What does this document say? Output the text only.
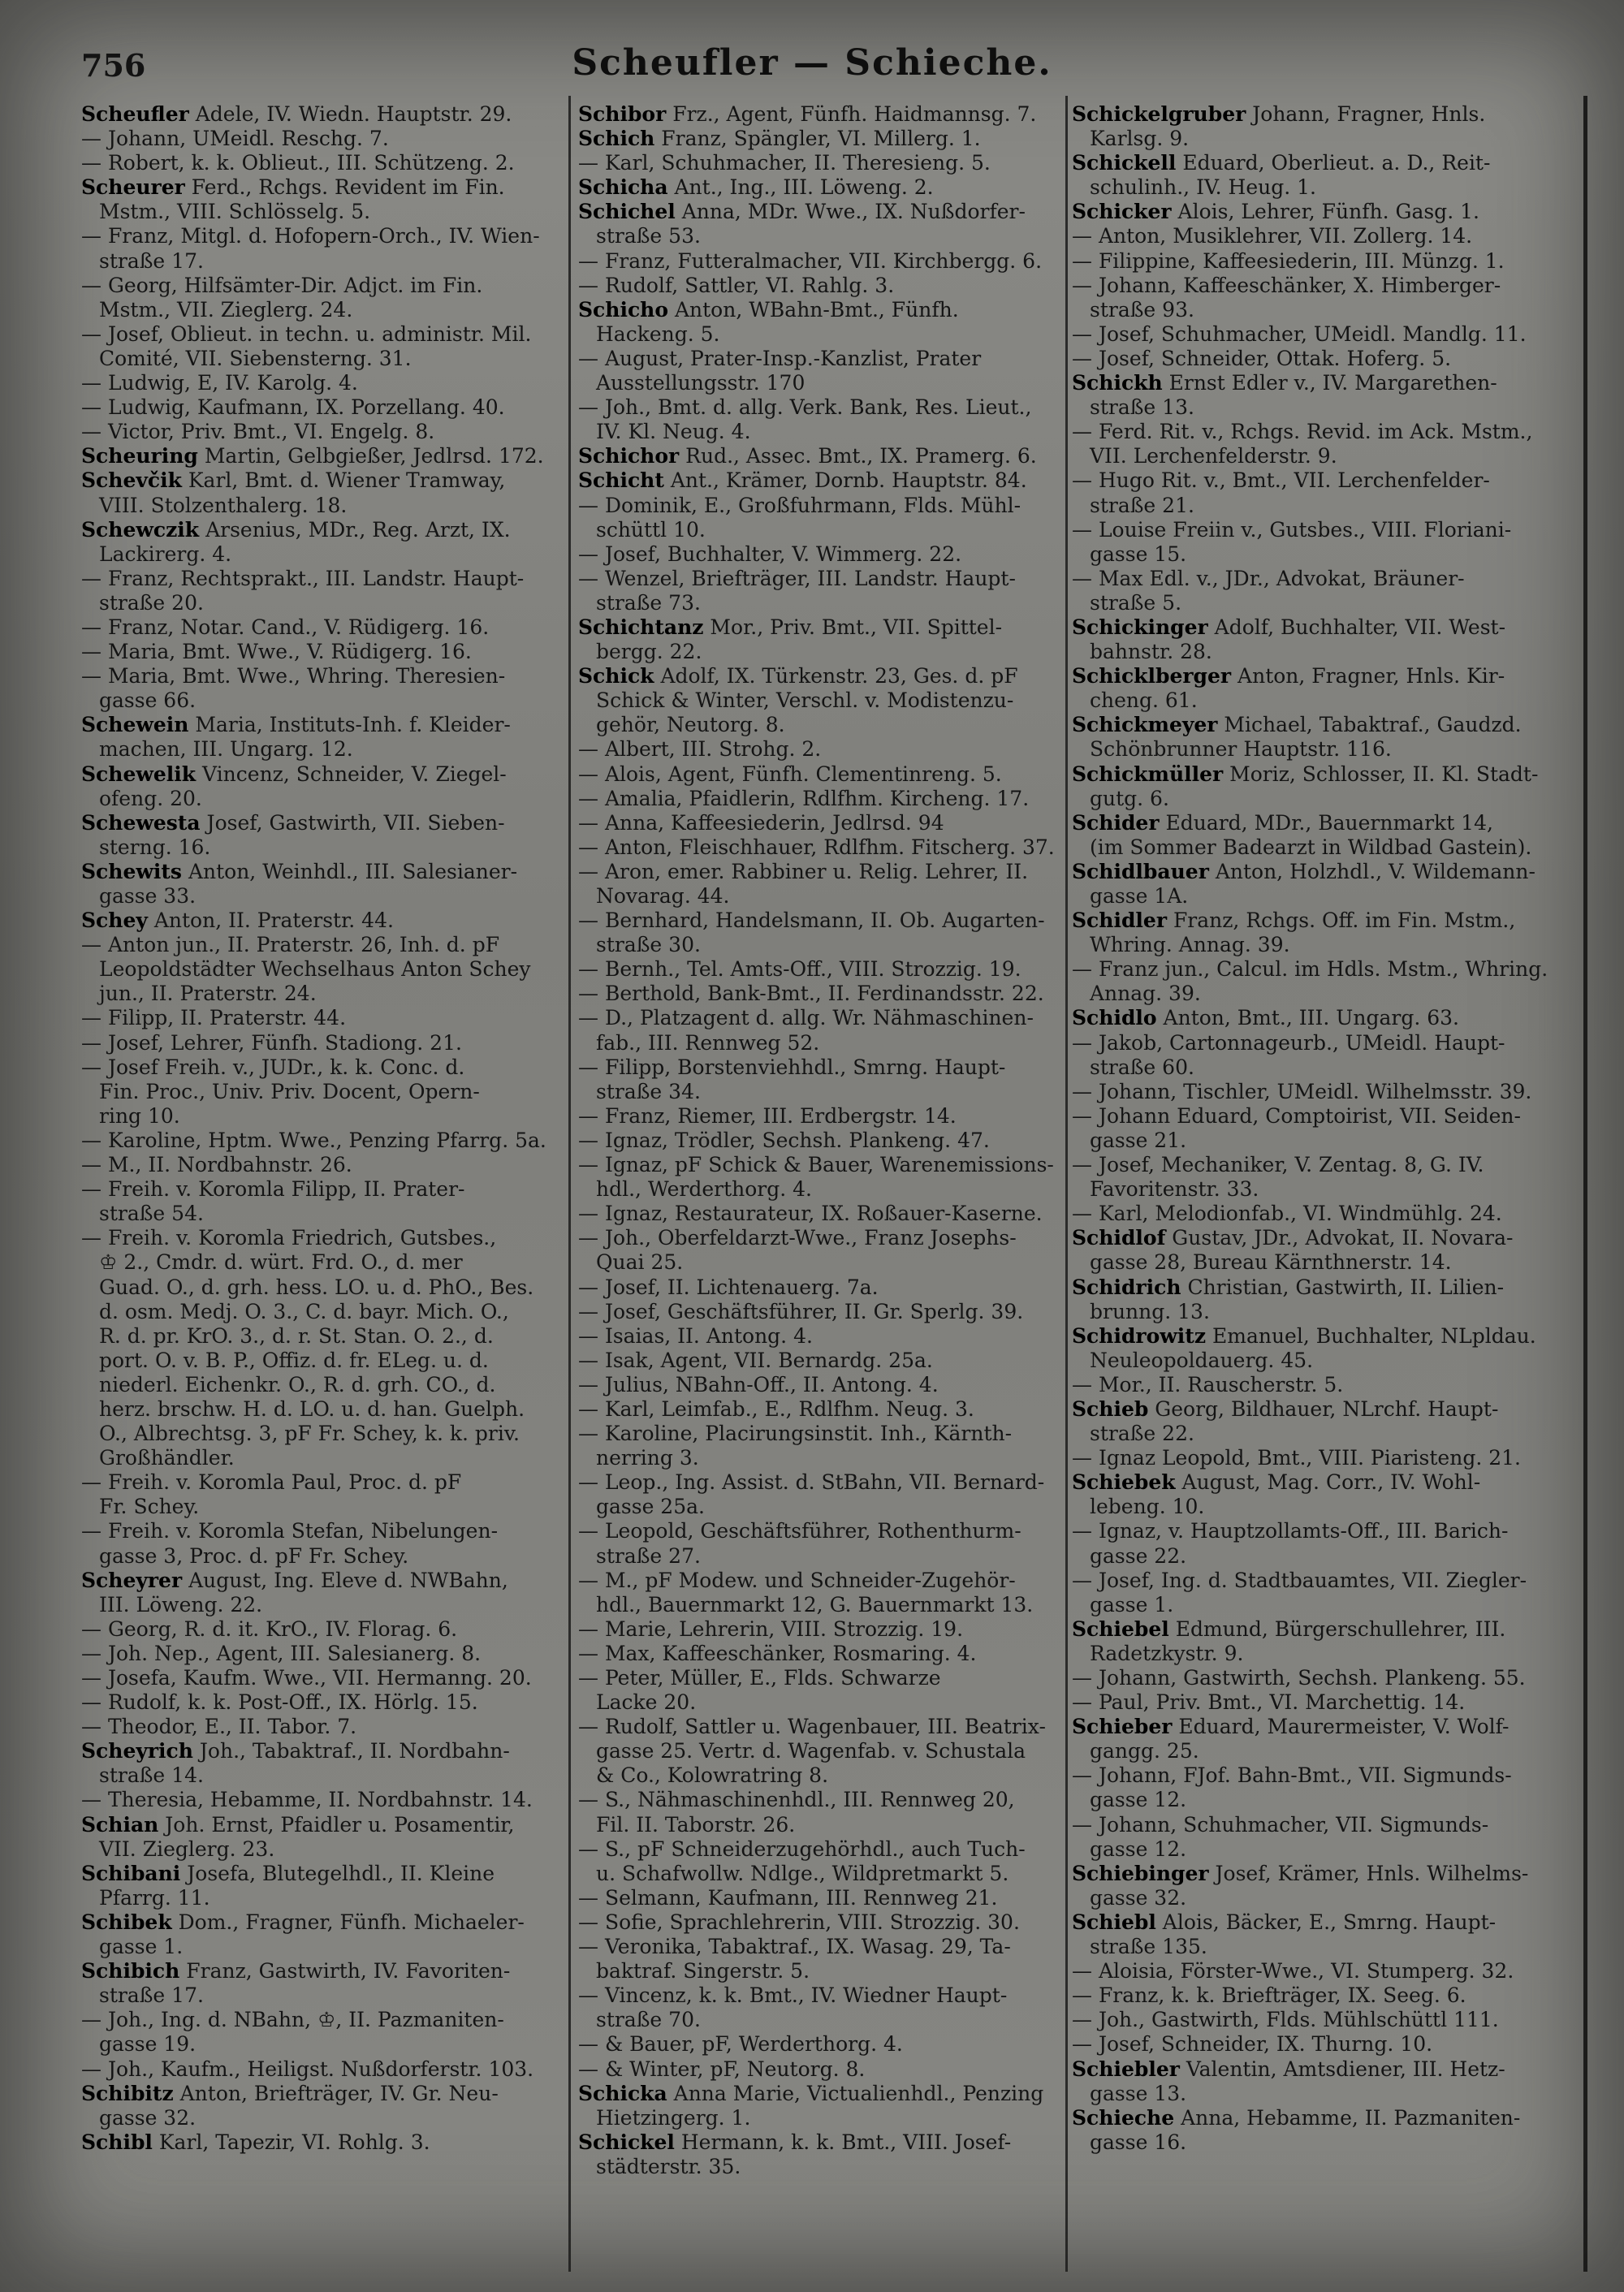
756	Scheufler — Schieche.
Scheufler Adele, IV. Wiedn. Hauptstr. 29.
— Johann, UMeidl. Reschg. 7.
— Robert, k. k. Oblieut., III. Schützeng. 2.
Scheurer Ferd., Rchgs. Revident im Fin.
Mstm., VIII. Schlösselg. 5.
— Franz, Mitgl. d. Hofopern-Orch., IV. Wien-
straße 17.
— Georg, Hilfsämter-Dir. Adjct. im Fin.
Mstm., VII. Zieglerg. 24.
— Josef, Oblieut. in techn. u. administr. Mil.
Comité, VII. Siebensterng. 31.
— Ludwig, E, IV. Karolg. 4.
— Ludwig, Kaufmann, IX. Porzellang. 40.
— Victor, Priv. Bmt., VI. Engelg. 8.
Scheuring Martin, Gelbgießer, Jedlrsd. 172.
Schevčik Karl, Bmt. d. Wiener Tramway,
VIII. Stolzenthalerg. 18.
Schewczik Arsenius, MDr., Reg. Arzt, IX.
Lackirerg. 4.
— Franz, Rechtsprakt., III. Landstr. Haupt-
straße 20.
— Franz, Notar. Cand., V. Rüdigerg. 16.
— Maria, Bmt. Wwe., V. Rüdigerg. 16.
— Maria, Bmt. Wwe., Whring. Theresien-
gasse 66.
Schewein Maria, Instituts-Inh. f. Kleider-
machen, III. Ungarg. 12.
Schewelik Vincenz, Schneider, V. Ziegel-
ofeng. 20.
Schewesta Josef, Gastwirth, VII. Sieben-
sterng. 16.
Schewits Anton, Weinhdl., III. Salesianer-
gasse 33.
Schey Anton, II. Praterstr. 44.
— Anton jun., II. Praterstr. 26, Inh. d. pF
Leopoldstädter Wechselhaus Anton Schey
jun., II. Praterstr. 24.
— Filipp, II. Praterstr. 44.
— Josef, Lehrer, Fünfh. Stadiong. 21.
— Josef Freih. v., JUDr., k. k. Conc. d.
Fin. Proc., Univ. Priv. Docent, Opern-
ring 10.
— Karoline, Hptm. Wwe., Penzing Pfarrg. 5a.
— M., II. Nordbahnstr. 26.
— Freih. v. Koromla Filipp, II. Prater-
straße 54.
— Freih. v. Koromla Friedrich, Gutsbes.,
♔ 2., Cmdr. d. würt. Frd. O., d. mer
Guad. O., d. grh. hess. LO. u. d. PhO., Bes.
d. osm. Medj. O. 3., C. d. bayr. Mich. O.,
R. d. pr. KrO. 3., d. r. St. Stan. O. 2., d.
port. O. v. B. P., Offiz. d. fr. ELeg. u. d.
niederl. Eichenkr. O., R. d. grh. CO., d.
herz. brschw. H. d. LO. u. d. han. Guelph.
O., Albrechtsg. 3, pF Fr. Schey, k. k. priv.
Großhändler.
— Freih. v. Koromla Paul, Proc. d. pF
Fr. Schey.
— Freih. v. Koromla Stefan, Nibelungen-
gasse 3, Proc. d. pF Fr. Schey.
Scheyrer August, Ing. Eleve d. NWBahn,
III. Löweng. 22.
— Georg, R. d. it. KrO., IV. Florag. 6.
— Joh. Nep., Agent, III. Salesianerg. 8.
— Josefa, Kaufm. Wwe., VII. Hermanng. 20.
— Rudolf, k. k. Post-Off., IX. Hörlg. 15.
— Theodor, E., II. Tabor. 7.
Scheyrich Joh., Tabaktraf., II. Nordbahn-
straße 14.
— Theresia, Hebamme, II. Nordbahnstr. 14.
Schian Joh. Ernst, Pfaidler u. Posamentir,
VII. Zieglerg. 23.
Schibani Josefa, Blutegelhdl., II. Kleine
Pfarrg. 11.
Schibek Dom., Fragner, Fünfh. Michaeler-
gasse 1.
Schibich Franz, Gastwirth, IV. Favoriten-
straße 17.
— Joh., Ing. d. NBahn, ♔, II. Pazmaniten-
gasse 19.
— Joh., Kaufm., Heiligst. Nußdorferstr. 103.
Schibitz Anton, Briefträger, IV. Gr. Neu-
gasse 32.
Schibl Karl, Tapezir, VI. Rohlg. 3.
Schibor Frz., Agent, Fünfh. Haidmannsg. 7.
Schich Franz, Spängler, VI. Millerg. 1.
— Karl, Schuhmacher, II. Theresieng. 5.
Schicha Ant., Ing., III. Löweng. 2.
Schichel Anna, MDr. Wwe., IX. Nußdorfer-
straße 53.
— Franz, Futteralmacher, VII. Kirchbergg. 6.
— Rudolf, Sattler, VI. Rahlg. 3.
Schicho Anton, WBahn-Bmt., Fünfh.
Hackeng. 5.
— August, Prater-Insp.-Kanzlist, Prater
Ausstellungsstr. 170
— Joh., Bmt. d. allg. Verk. Bank, Res. Lieut.,
IV. Kl. Neug. 4.
Schichor Rud., Assec. Bmt., IX. Pramerg. 6.
Schicht Ant., Krämer, Dornb. Hauptstr. 84.
— Dominik, E., Großfuhrmann, Flds. Mühl-
schüttl 10.
— Josef, Buchhalter, V. Wimmerg. 22.
— Wenzel, Briefträger, III. Landstr. Haupt-
straße 73.
Schichtanz Mor., Priv. Bmt., VII. Spittel-
bergg. 22.
Schick Adolf, IX. Türkenstr. 23, Ges. d. pF
Schick & Winter, Verschl. v. Modistenzu-
gehör, Neutorg. 8.
— Albert, III. Strohg. 2.
— Alois, Agent, Fünfh. Clementinreng. 5.
— Amalia, Pfaidlerin, Rdlfhm. Kircheng. 17.
— Anna, Kaffeesiederin, Jedlrsd. 94
— Anton, Fleischhauer, Rdlfhm. Fitscherg. 37.
— Aron, emer. Rabbiner u. Relig. Lehrer, II.
Novarag. 44.
— Bernhard, Handelsmann, II. Ob. Augarten-
straße 30.
— Bernh., Tel. Amts-Off., VIII. Strozzig. 19.
— Berthold, Bank-Bmt., II. Ferdinandsstr. 22.
— D., Platzagent d. allg. Wr. Nähmaschinen-
fab., III. Rennweg 52.
— Filipp, Borstenviehhdl., Smrng. Haupt-
straße 34.
— Franz, Riemer, III. Erdbergstr. 14.
— Ignaz, Trödler, Sechsh. Plankeng. 47.
— Ignaz, pF Schick & Bauer, Warenemissions-
hdl., Werderthorg. 4.
— Ignaz, Restaurateur, IX. Roßauer-Kaserne.
— Joh., Oberfeldarzt-Wwe., Franz Josephs-
Quai 25.
— Josef, II. Lichtenauerg. 7a.
— Josef, Geschäftsführer, II. Gr. Sperlg. 39.
— Isaias, II. Antong. 4.
— Isak, Agent, VII. Bernardg. 25a.
— Julius, NBahn-Off., II. Antong. 4.
— Karl, Leimfab., E., Rdlfhm. Neug. 3.
— Karoline, Placirungsinstit. Inh., Kärnth-
nerring 3.
— Leop., Ing. Assist. d. StBahn, VII. Bernard-
gasse 25a.
— Leopold, Geschäftsführer, Rothenthurm-
straße 27.
— M., pF Modew. und Schneider-Zugehör-
hdl., Bauernmarkt 12, G. Bauernmarkt 13.
— Marie, Lehrerin, VIII. Strozzig. 19.
— Max, Kaffeeschänker, Rosmaring. 4.
— Peter, Müller, E., Flds. Schwarze
Lacke 20.
— Rudolf, Sattler u. Wagenbauer, III. Beatrix-
gasse 25. Vertr. d. Wagenfab. v. Schustala
& Co., Kolowratring 8.
— S., Nähmaschinenhdl., III. Rennweg 20,
Fil. II. Taborstr. 26.
— S., pF Schneiderzugehörhdl., auch Tuch-
u. Schafwollw. Ndlge., Wildpretmarkt 5.
— Selmann, Kaufmann, III. Rennweg 21.
— Sofie, Sprachlehrerin, VIII. Strozzig. 30.
— Veronika, Tabaktraf., IX. Wasag. 29, Ta-
baktraf. Singerstr. 5.
— Vincenz, k. k. Bmt., IV. Wiedner Haupt-
straße 70.
— & Bauer, pF, Werderthorg. 4.
— & Winter, pF, Neutorg. 8.
Schicka Anna Marie, Victualienhdl., Penzing
Hietzingerg. 1.
Schickel Hermann, k. k. Bmt., VIII. Josef-
städterstr. 35.
Schickelgruber Johann, Fragner, Hnls.
Karlsg. 9.
Schickell Eduard, Oberlieut. a. D., Reit-
schulinh., IV. Heug. 1.
Schicker Alois, Lehrer, Fünfh. Gasg. 1.
— Anton, Musiklehrer, VII. Zollerg. 14.
— Filippine, Kaffeesiederin, III. Münzg. 1.
— Johann, Kaffeeschänker, X. Himberger-
straße 93.
— Josef, Schuhmacher, UMeidl. Mandlg. 11.
— Josef, Schneider, Ottak. Hoferg. 5.
Schickh Ernst Edler v., IV. Margarethen-
straße 13.
— Ferd. Rit. v., Rchgs. Revid. im Ack. Mstm.,
VII. Lerchenfelderstr. 9.
— Hugo Rit. v., Bmt., VII. Lerchenfelder-
straße 21.
— Louise Freiin v., Gutsbes., VIII. Floriani-
gasse 15.
— Max Edl. v., JDr., Advokat, Bräuner-
straße 5.
Schickinger Adolf, Buchhalter, VII. West-
bahnstr. 28.
Schicklberger Anton, Fragner, Hnls. Kir-
cheng. 61.
Schickmeyer Michael, Tabaktraf., Gaudzd.
Schönbrunner Hauptstr. 116.
Schickmüller Moriz, Schlosser, II. Kl. Stadt-
gutg. 6.
Schider Eduard, MDr., Bauernmarkt 14,
(im Sommer Badearzt in Wildbad Gastein).
Schidlbauer Anton, Holzhdl., V. Wildemann-
gasse 1A.
Schidler Franz, Rchgs. Off. im Fin. Mstm.,
Whring. Annag. 39.
— Franz jun., Calcul. im Hdls. Mstm., Whring.
Annag. 39.
Schidlo Anton, Bmt., III. Ungarg. 63.
— Jakob, Cartonnageurb., UMeidl. Haupt-
straße 60.
— Johann, Tischler, UMeidl. Wilhelmsstr. 39.
— Johann Eduard, Comptoirist, VII. Seiden-
gasse 21.
— Josef, Mechaniker, V. Zentag. 8, G. IV.
Favoritenstr. 33.
— Karl, Melodionfab., VI. Windmühlg. 24.
Schidlof Gustav, JDr., Advokat, II. Novara-
gasse 28, Bureau Kärnthnerstr. 14.
Schidrich Christian, Gastwirth, II. Lilien-
brunng. 13.
Schidrowitz Emanuel, Buchhalter, NLpldau.
Neuleopoldauerg. 45.
— Mor., II. Rauscherstr. 5.
Schieb Georg, Bildhauer, NLrchf. Haupt-
straße 22.
— Ignaz Leopold, Bmt., VIII. Piaristeng. 21.
Schiebek August, Mag. Corr., IV. Wohl-
lebeng. 10.
— Ignaz, v. Hauptzollamts-Off., III. Barich-
gasse 22.
— Josef, Ing. d. Stadtbauamtes, VII. Ziegler-
gasse 1.
Schiebel Edmund, Bürgerschullehrer, III.
Radetzkystr. 9.
— Johann, Gastwirth, Sechsh. Plankeng. 55.
— Paul, Priv. Bmt., VI. Marchettig. 14.
Schieber Eduard, Maurermeister, V. Wolf-
gangg. 25.
— Johann, FJof. Bahn-Bmt., VII. Sigmunds-
gasse 12.
— Johann, Schuhmacher, VII. Sigmunds-
gasse 12.
Schiebinger Josef, Krämer, Hnls. Wilhelms-
gasse 32.
Schiebl Alois, Bäcker, E., Smrng. Haupt-
straße 135.
— Aloisia, Förster-Wwe., VI. Stumperg. 32.
— Franz, k. k. Briefträger, IX. Seeg. 6.
— Joh., Gastwirth, Flds. Mühlschüttl 111.
— Josef, Schneider, IX. Thurng. 10.
Schiebler Valentin, Amtsdiener, III. Hetz-
gasse 13.
Schieche Anna, Hebamme, II. Pazmaniten-
gasse 16.
